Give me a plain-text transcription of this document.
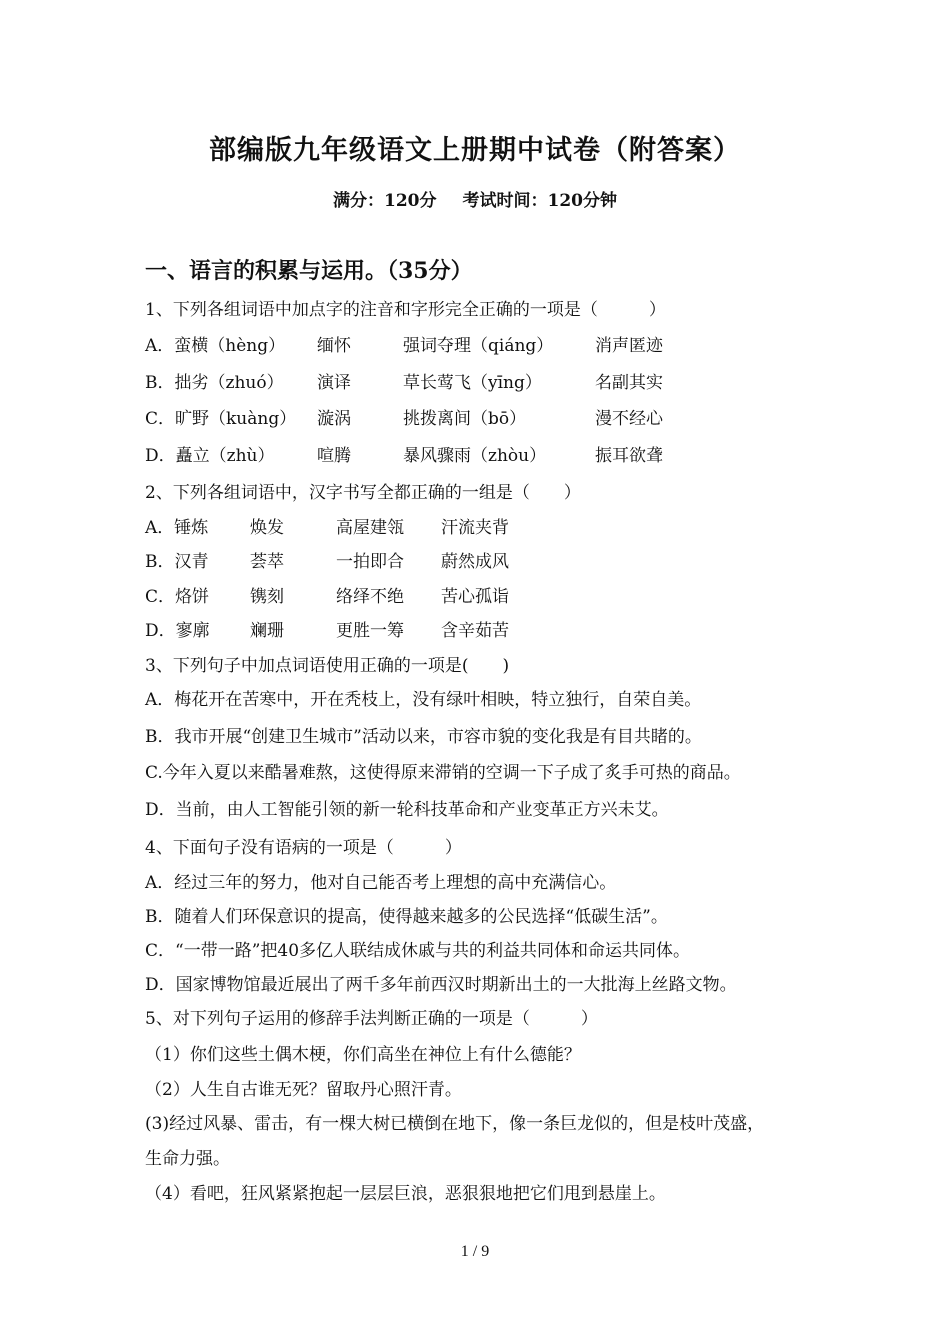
部编版九年级语文上册期中试卷（附答案）
满分：120分 考试时间：120分钟
一、语言的积累与运用。（35分）
1、下列各组词语中加点字的注音和字形完全正确的一项是（　　　）
A．蛮横（hèng） 缅怀	强词夺理（qiáng） 消声匿迹
B．拙劣（zhuó） 演译	草长莺飞（yīng）	名副其实
C．旷野（kuàng） 漩涡	挑拨离间（bō）	漫不经心
D．矗立（zhù）	喧腾	暴风骤雨（zhòu）	振耳欲聋
2、下列各组词语中，汉字书写全都正确的一组是（　　）
A．锤炼 焕发	高屋建瓴 汗流夹背
B．汉青 荟萃	一拍即合 蔚然成风
C．烙饼 镌刻	络绎不绝 苦心孤诣
D．寥廓 斓珊	更胜一筹 含辛茹苦
3、下列句子中加点词语使用正确的一项是(　　)
A．梅花开在苦寒中，开在秃枝上，没有绿叶相映，特立独行，自荣自美。
B．我市开展“创建卫生城市”活动以来，市容市貌的变化我是有目共睹的。
C.今年入夏以来酷暑难熬，这使得原来滞销的空调一下子成了炙手可热的商品。
D．当前，由人工智能引领的新一轮科技革命和产业变革正方兴未艾。
4、下面句子没有语病的一项是（　　　）
A．经过三年的努力，他对自己能否考上理想的高中充满信心。
B．随着人们环保意识的提高，使得越来越多的公民选择“低碳生活”。
C．“一带一路”把40多亿人联结成休戚与共的利益共同体和命运共同体。
D．国家博物馆最近展出了两千多年前西汉时期新出土的一大批海上丝路文物。
5、对下列句子运用的修辞手法判断正确的一项是（　　　）
（1）你们这些土偶木梗，你们高坐在神位上有什么德能？
（2）人生自古谁无死？留取丹心照汗青。
(3)经过风暴、雷击，有一棵大树已横倒在地下，像一条巨龙似的，但是枝叶茂盛，
生命力强。
（4）看吧，狂风紧紧抱起一层层巨浪，恶狠狠地把它们甩到悬崖上。
1 / 9
